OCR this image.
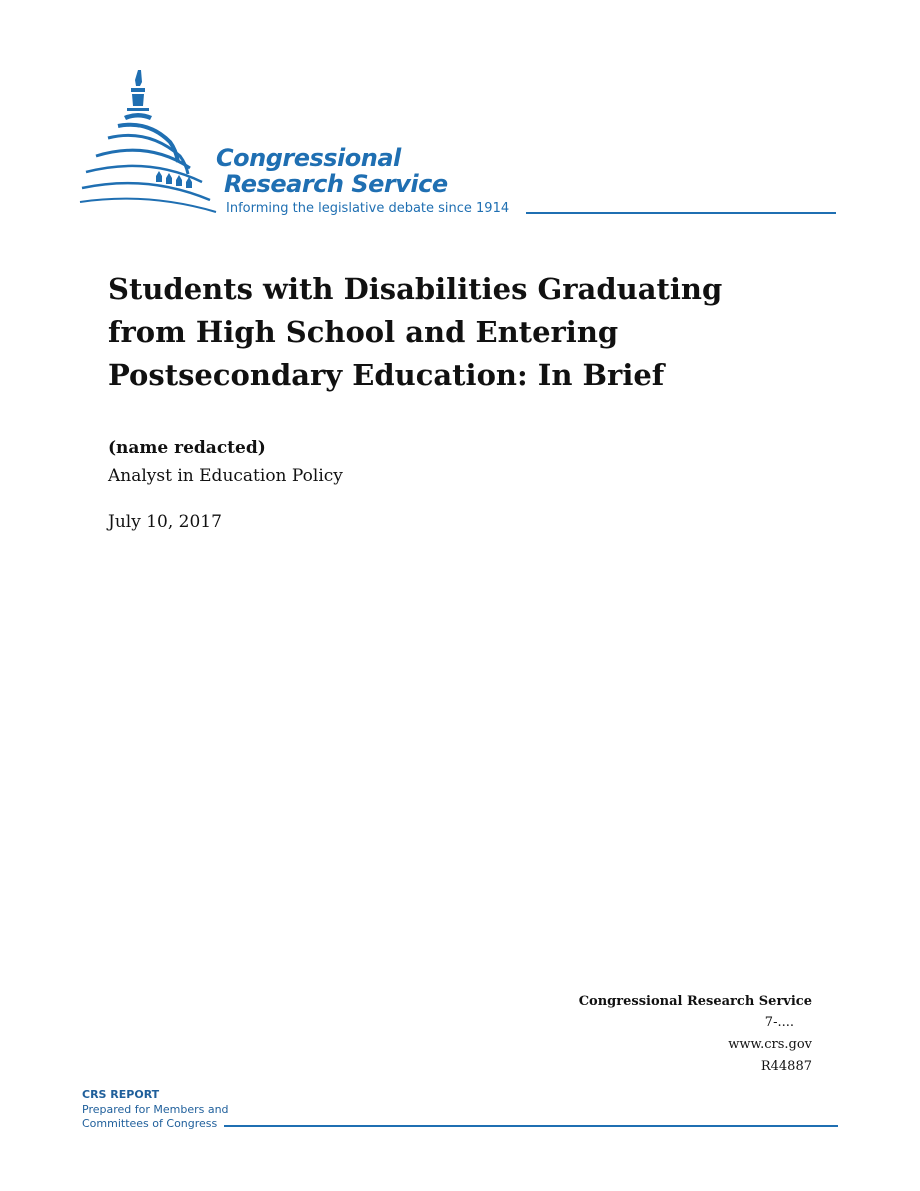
Congressional
Research Service
Informing the legislative debate since 1914
Students with Disabilities Graduating from High School and Entering Postsecondary Education: In Brief
(name redacted)
Analyst in Education Policy
July 10, 2017
Congressional Research Service
7-....
www.crs.gov
R44887
CRS REPORT
Prepared for Members and
Committees of Congress
